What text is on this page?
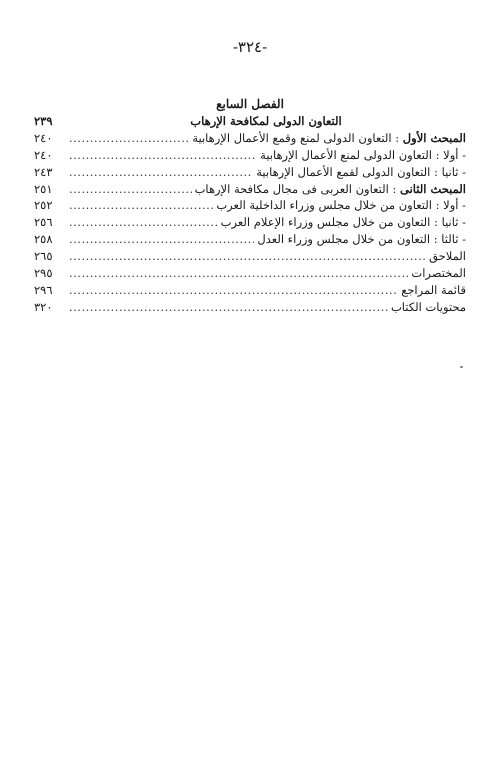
-٣٢٤-
الفصل السابع
التعاون الدولى لمكافحة الإرهاب
٢٣٩
المبحث الأول : التعاون الدولى لمنع وقمع الأعمال الإرهابية
.....
٢٤٠
- أولا : التعاون الدولى لمنع الأعمال الإرهابية
.....
٢٤٠
- ثانيا : التعاون الدولى لقمع الأعمال الإرهابية
.....
٢٤٣
المبحث الثانى : التعاون العربى فى مجال مكافحة الإرهاب
.....
٢٥١
- أولا : التعاون من خلال مجلس وزراء الداخلية العرب
.....
٢٥٢
- ثانيا : التعاون من خلال مجلس وزراء الإعلام العرب
.....
٢٥٦
- ثالثا : التعاون من خلال مجلس وزراء العدل
.....
٢٥٨
الملاحق
.....
٢٦٥
المختصرات
.....
٢٩٥
قائمة المراجع
.....
٢٩٦
محتويات الكتاب
.....
٣٢٠
